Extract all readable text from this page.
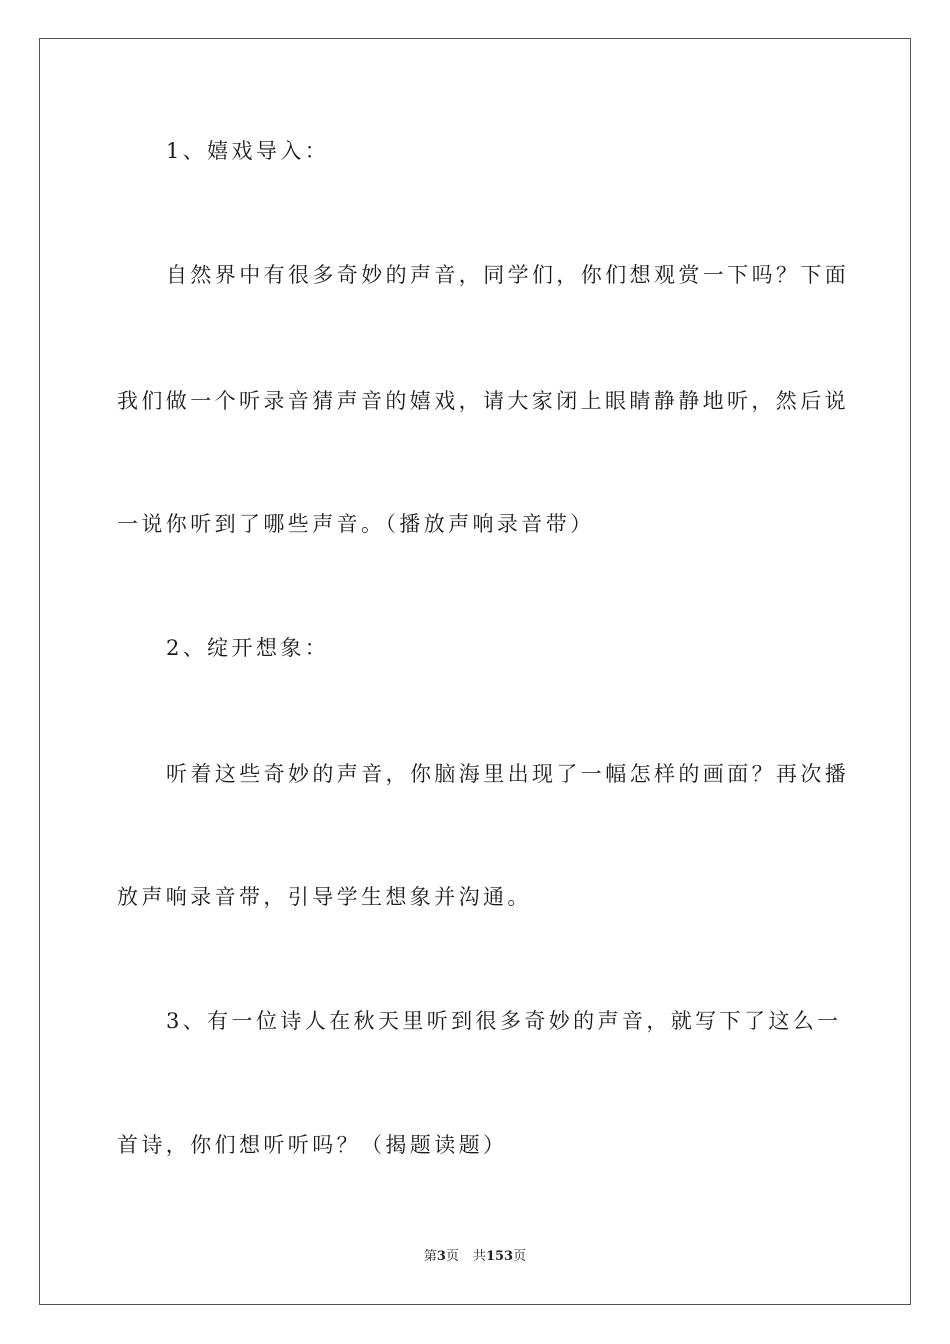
1、嬉戏导入：
自然界中有很多奇妙的声音，同学们，你们想观赏一下吗？下面
我们做一个听录音猜声音的嬉戏，请大家闭上眼睛静静地听，然后说
一说你听到了哪些声音。（播放声响录音带）
2、绽开想象：
听着这些奇妙的声音，你脑海里出现了一幅怎样的画面？再次播
放声响录音带，引导学生想象并沟通。
3、有一位诗人在秋天里听到很多奇妙的声音，就写下了这么一
首诗，你们想听听吗？（揭题读题）
第3页 共153页
